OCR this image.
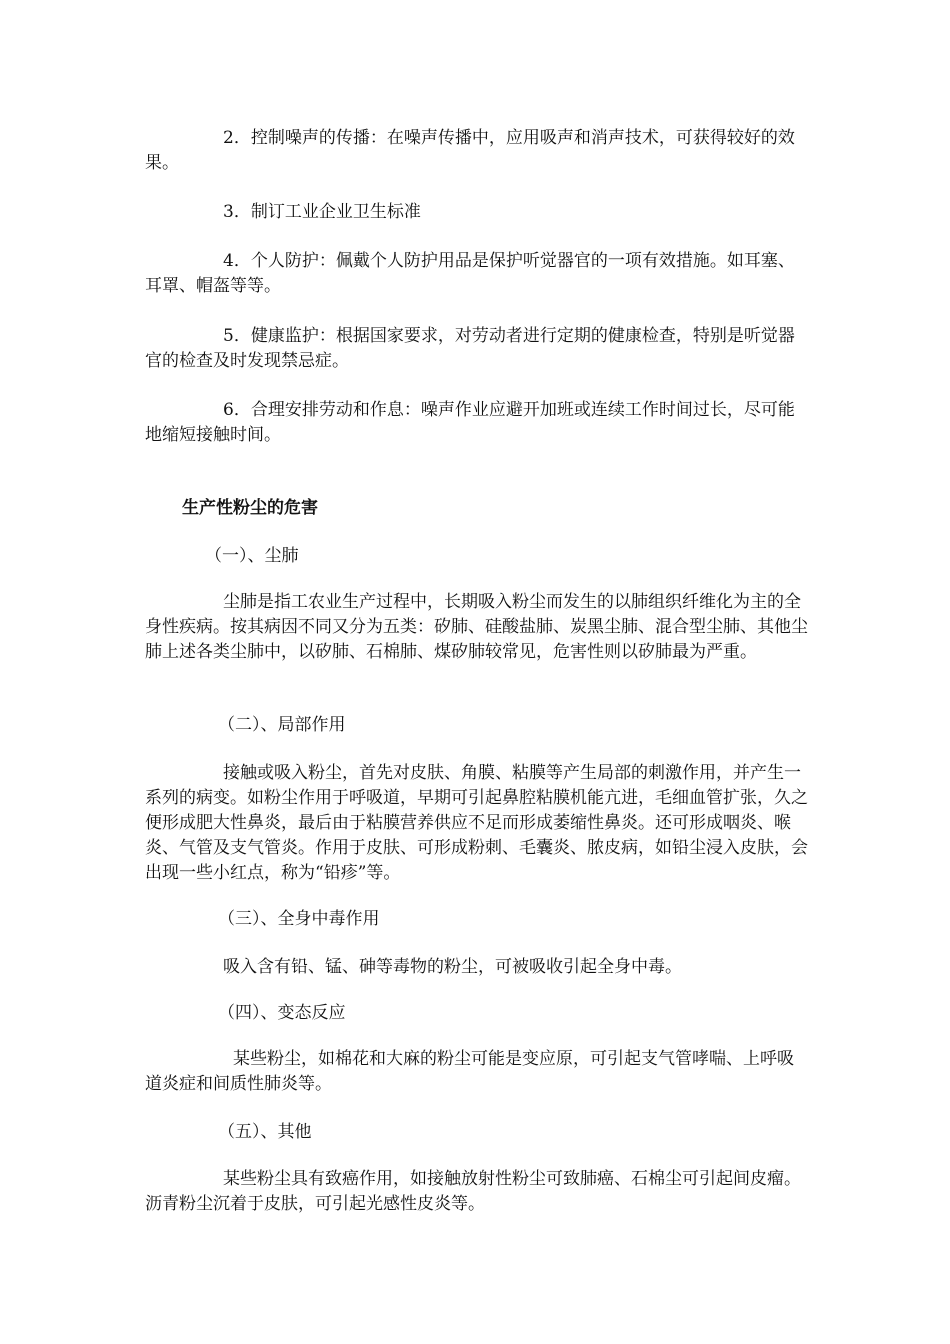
2．控制噪声的传播：在噪声传播中，应用吸声和消声技术，可获得较好的效果。

3．制订工业企业卫生标准

4．个人防护：佩戴个人防护用品是保护听觉器官的一项有效措施。如耳塞、耳罩、帽盔等等。

5．健康监护：根据国家要求，对劳动者进行定期的健康检查，特别是听觉器官的检查及时发现禁忌症。

6．合理安排劳动和作息：噪声作业应避开加班或连续工作时间过长，尽可能地缩短接触时间。

生产性粉尘的危害

（一）、尘肺

尘肺是指工农业生产过程中，长期吸入粉尘而发生的以肺组织纤维化为主的全身性疾病。按其病因不同又分为五类：矽肺、硅酸盐肺、炭黑尘肺、混合型尘肺、其他尘肺上述各类尘肺中，以矽肺、石棉肺、煤矽肺较常见，危害性则以矽肺最为严重。

（二）、局部作用

接触或吸入粉尘，首先对皮肤、角膜、粘膜等产生局部的刺激作用，并产生一系列的病变。如粉尘作用于呼吸道，早期可引起鼻腔粘膜机能亢进，毛细血管扩张，久之便形成肥大性鼻炎，最后由于粘膜营养供应不足而形成萎缩性鼻炎。还可形成咽炎、喉炎、气管及支气管炎。作用于皮肤、可形成粉刺、毛囊炎、脓皮病，如铅尘浸入皮肤，会出现一些小红点，称为“铅疹”等。

（三）、全身中毒作用

吸入含有铅、锰、砷等毒物的粉尘，可被吸收引起全身中毒。

（四）、变态反应

某些粉尘，如棉花和大麻的粉尘可能是变应原，可引起支气管哮喘、上呼吸道炎症和间质性肺炎等。

（五）、其他

某些粉尘具有致癌作用，如接触放射性粉尘可致肺癌、石棉尘可引起间皮瘤。沥青粉尘沉着于皮肤，可引起光感性皮炎等。
